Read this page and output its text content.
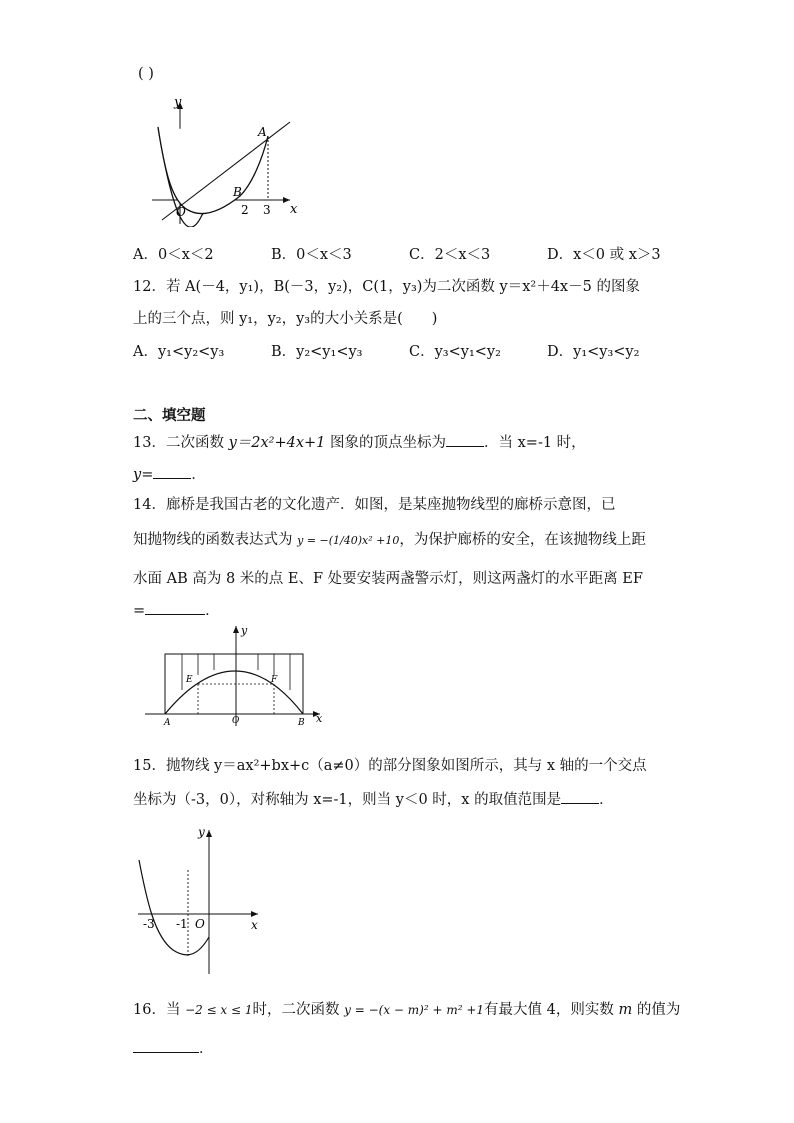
( )
y
x
O
A
B
2 3
A．0＜x＜2	B．0＜x＜3	C．2＜x＜3	D．x＜0 或 x＞3
12．若 A(－4，y₁)，B(－3，y₂)，C(1，y₃)为二次函数 y＝x²＋4x－5 的图象
上的三个点，则 y₁，y₂，y₃的大小关系是(　　)
A．y₁<y₂<y₃	B．y₂<y₁<y₃	C．y₃<y₁<y₂	D．y₁<y₃<y₂
二、填空题
13．二次函数 y＝2x²+4x+1 图象的顶点坐标为	．当 x=-1 时，
y=	．
14．廊桥是我国古老的文化遗产．如图，是某座抛物线型的廊桥示意图，已
知抛物线的函数表达式为 y = −(1/40)x² +10，为保护廊桥的安全，在该抛物线上距
水面 AB 高为 8 米的点 E、F 处要安装两盏警示灯，则这两盏灯的水平距离 EF
=	．
y
x
E	F
A	O	B
15．抛物线 y＝ax²+bx+c（a≠0）的部分图象如图所示，其与 x 轴的一个交点
坐标为（-3，0），对称轴为 x=-1，则当 y＜0 时，x 的取值范围是	．
y
x
-3 -1 O
16．当 −2 ≤ x ≤ 1时，二次函数 y = −(x − m)² + m² +1有最大值 4，则实数 m 的值为
．
